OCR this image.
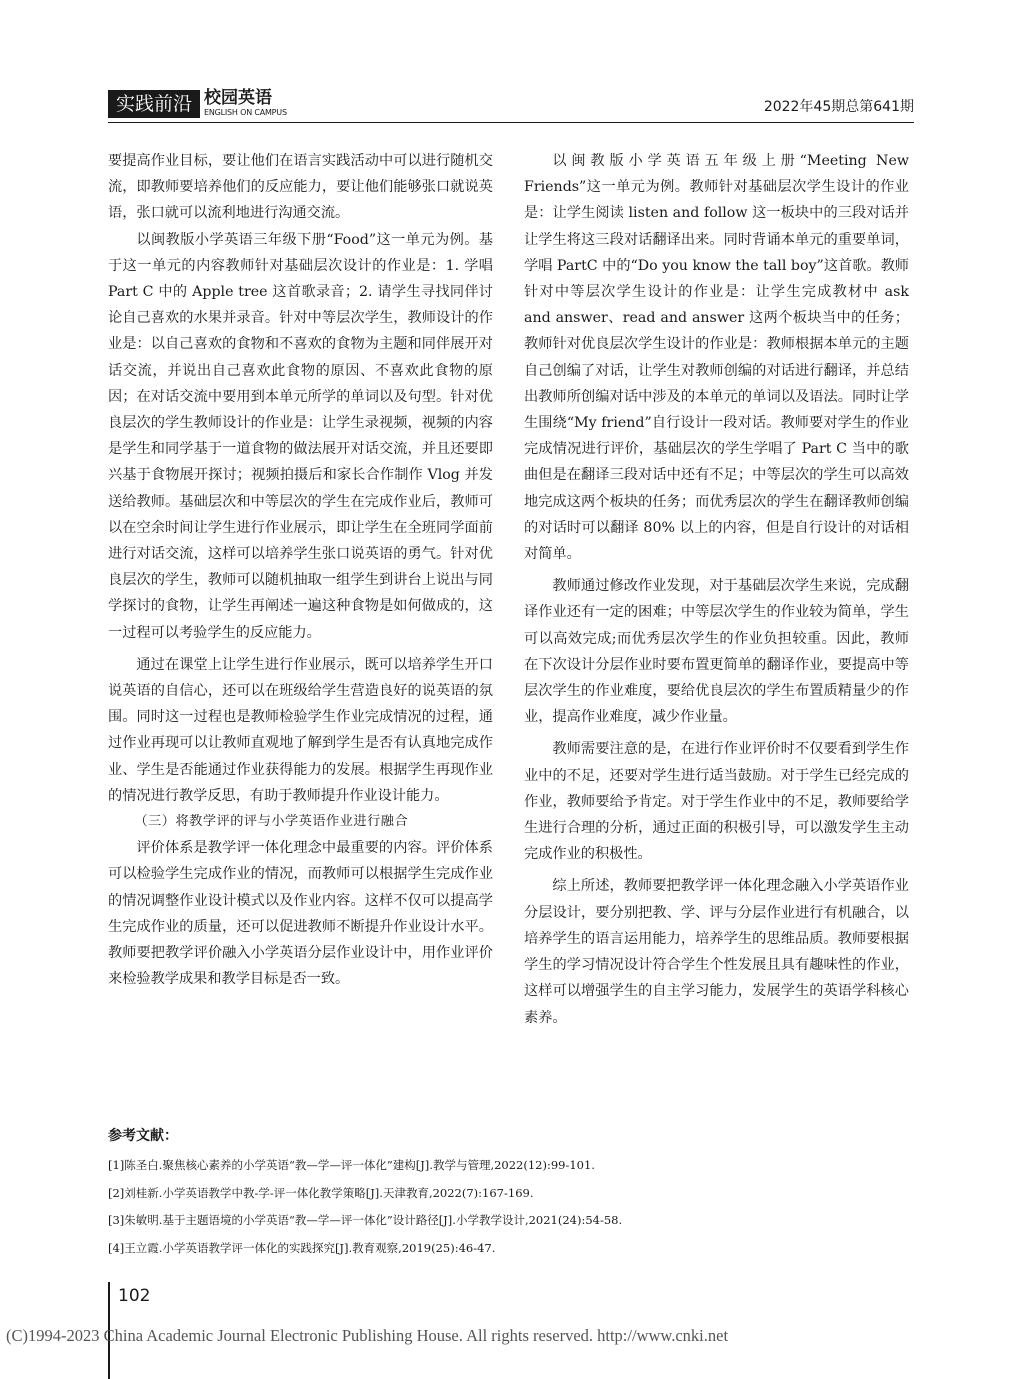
实践前沿 校园英语
ENGLISH ON CAMPUS	2022年45期总第641期

要提高作业目标，要让他们在语言实践活动中可以进行随机交流，即教师要培养他们的反应能力，要让他们能够张口就说英语，张口就可以流利地进行沟通交流。

以闽教版小学英语三年级下册“Food”这一单元为例。基于这一单元的内容教师针对基础层次设计的作业是：1. 学唱 Part C 中的 Apple tree 这首歌录音；2. 请学生寻找同伴讨论自己喜欢的水果并录音。针对中等层次学生，教师设计的作业是：以自己喜欢的食物和不喜欢的食物为主题和同伴展开对话交流，并说出自己喜欢此食物的原因、不喜欢此食物的原因；在对话交流中要用到本单元所学的单词以及句型。针对优良层次的学生教师设计的作业是：让学生录视频，视频的内容是学生和同学基于一道食物的做法展开对话交流，并且还要即兴基于食物展开探讨；视频拍摄后和家长合作制作 Vlog 并发送给教师。基础层次和中等层次的学生在完成作业后，教师可以在空余时间让学生进行作业展示，即让学生在全班同学面前进行对话交流，这样可以培养学生张口说英语的勇气。针对优良层次的学生，教师可以随机抽取一组学生到讲台上说出与同学探讨的食物，让学生再阐述一遍这种食物是如何做成的，这一过程可以考验学生的反应能力。

通过在课堂上让学生进行作业展示，既可以培养学生开口说英语的自信心，还可以在班级给学生营造良好的说英语的氛围。同时这一过程也是教师检验学生作业完成情况的过程，通过作业再现可以让教师直观地了解到学生是否有认真地完成作业、学生是否能通过作业获得能力的发展。根据学生再现作业的情况进行教学反思，有助于教师提升作业设计能力。

（三）将教学评的评与小学英语作业进行融合

评价体系是教学评一体化理念中最重要的内容。评价体系可以检验学生完成作业的情况，而教师可以根据学生完成作业的情况调整作业设计模式以及作业内容。这样不仅可以提高学生完成作业的质量，还可以促进教师不断提升作业设计水平。教师要把教学评价融入小学英语分层作业设计中，用作业评价来检验教学成果和教学目标是否一致。

以闽教版小学英语五年级上册“Meeting New Friends”这一单元为例。教师针对基础层次学生设计的作业是：让学生阅读 listen and follow 这一板块中的三段对话并让学生将这三段对话翻译出来。同时背诵本单元的重要单词，学唱 PartC 中的“Do you know the tall boy”这首歌。教师针对中等层次学生设计的作业是：让学生完成教材中 ask and answer、read and answer 这两个板块当中的任务；教师针对优良层次学生设计的作业是：教师根据本单元的主题自己创编了对话，让学生对教师创编的对话进行翻译，并总结出教师所创编对话中涉及的本单元的单词以及语法。同时让学生围绕“My friend”自行设计一段对话。教师要对学生的作业完成情况进行评价，基础层次的学生学唱了 Part C 当中的歌曲但是在翻译三段对话中还有不足；中等层次的学生可以高效地完成这两个板块的任务；而优秀层次的学生在翻译教师创编的对话时可以翻译 80% 以上的内容，但是自行设计的对话相对简单。

教师通过修改作业发现，对于基础层次学生来说，完成翻译作业还有一定的困难；中等层次学生的作业较为简单，学生可以高效完成;而优秀层次学生的作业负担较重。因此，教师在下次设计分层作业时要布置更简单的翻译作业，要提高中等层次学生的作业难度，要给优良层次的学生布置质精量少的作业，提高作业难度，减少作业量。

教师需要注意的是，在进行作业评价时不仅要看到学生作业中的不足，还要对学生进行适当鼓励。对于学生已经完成的作业，教师要给予肯定。对于学生作业中的不足，教师要给学生进行合理的分析，通过正面的积极引导，可以激发学生主动完成作业的积极性。

综上所述，教师要把教学评一体化理念融入小学英语作业分层设计，要分别把教、学、评与分层作业进行有机融合，以培养学生的语言运用能力，培养学生的思维品质。教师要根据学生的学习情况设计符合学生个性发展且具有趣味性的作业，这样可以增强学生的自主学习能力，发展学生的英语学科核心素养。

参考文献：
[1]陈圣白.聚焦核心素养的小学英语“教—学—评一体化”建构[J].教学与管理,2022(12):99-101.
[2]刘桂新.小学英语教学中教-学-评一体化教学策略[J].天津教育,2022(7):167-169.
[3]朱敏明.基于主题语境的小学英语“教—学—评一体化”设计路径[J].小学教学设计,2021(24):54-58.
[4]王立霞.小学英语教学评一体化的实践探究[J].教育观察,2019(25):46-47.
102
(C)1994-2023 China Academic Journal Electronic Publishing House. All rights reserved. http://www.cnki.net
